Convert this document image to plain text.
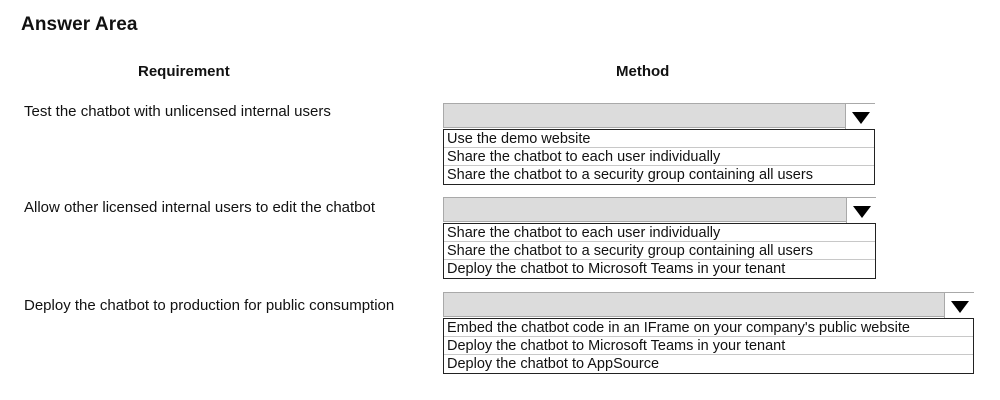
Answer Area
Requirement	Method
Test the chatbot with unlicensed internal users
Use the demo website
Share the chatbot to each user individually
Share the chatbot to a security group containing all users
Allow other licensed internal users to edit the chatbot
Share the chatbot to each user individually
Share the chatbot to a security group containing all users
Deploy the chatbot to Microsoft Teams in your tenant
Deploy the chatbot to production for public consumption
Embed the chatbot code in an IFrame on your company's public website
Deploy the chatbot to Microsoft Teams in your tenant
Deploy the chatbot to AppSource
